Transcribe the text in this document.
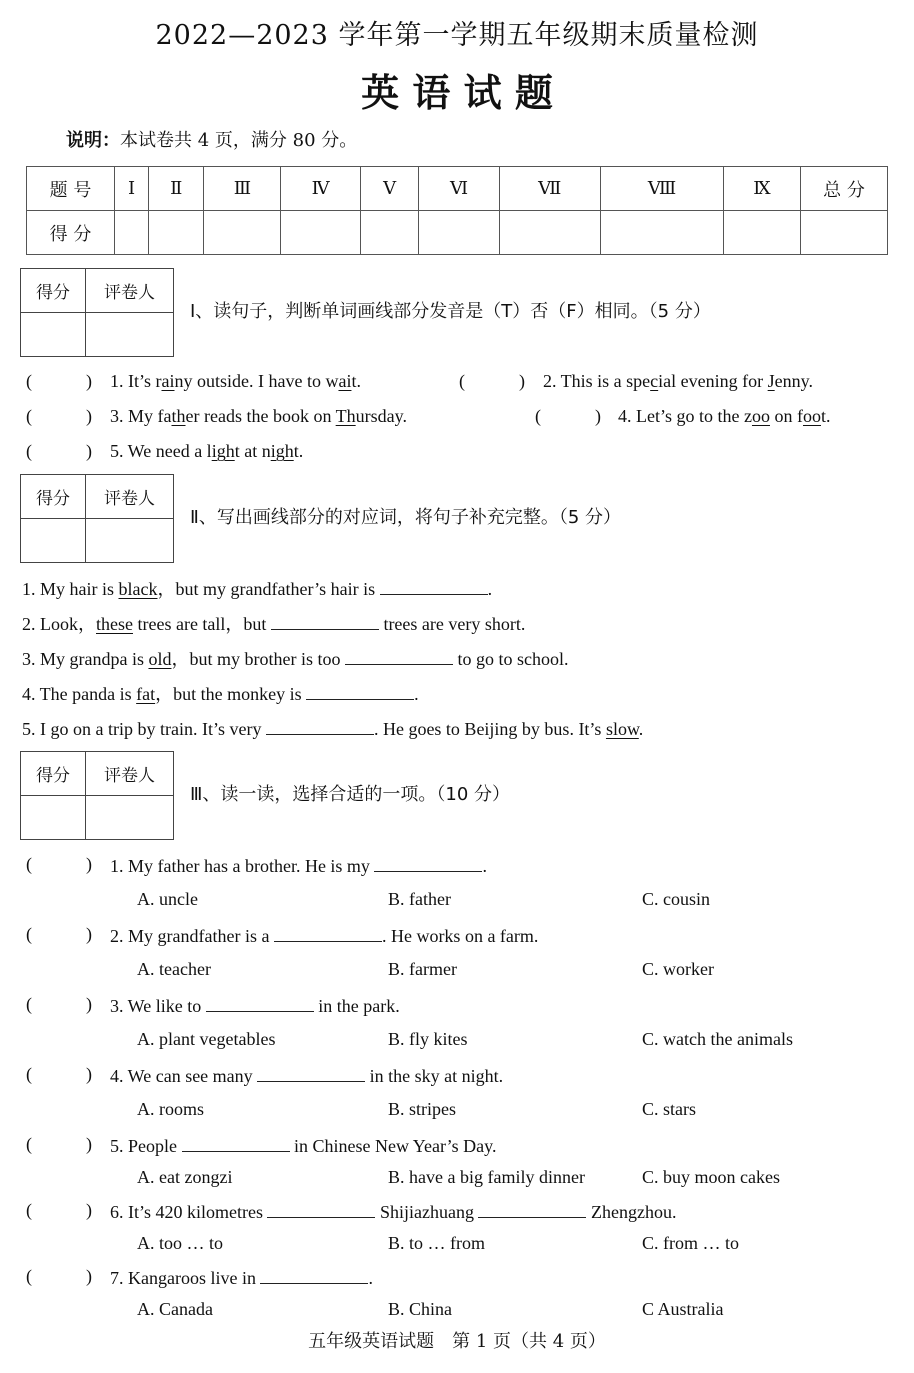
2022—2023 学年第一学期五年级期末质量检测
英 语 试 题
说明：本试卷共 4 页，满分 80 分。
题 号	Ⅰ	Ⅱ	Ⅲ	Ⅳ	Ⅴ	Ⅵ	Ⅶ	Ⅷ	Ⅸ	总 分
得 分										
得分	评卷人

Ⅰ、读句子，判断单词画线部分发音是（T）否（F）相同。（5 分）
(　　　) 1. It’s rainy outside. I have to wait.	(　　　) 2. This is a special evening for Jenny.
(　　　) 3. My father reads the book on Thursday.	(　　　) 4. Let’s go to the zoo on foot.
(　　　) 5. We need a light at night.
得分	评卷人

Ⅱ、写出画线部分的对应词，将句子补充完整。（5 分）
1. My hair is black，but my grandfather’s hair is	.
2. Look，these trees are tall，but	trees are very short.
3. My grandpa is old，but my brother is too	to go to school.
4. The panda is fat，but the monkey is	.
5. I go on a trip by train. It’s very	. He goes to Beijing by bus. It’s slow.
得分	评卷人

Ⅲ、读一读，选择合适的一项。（10 分）
(　　　) 1. My father has a brother. He is my	.
A. uncle	B. father	C. cousin
(　　　) 2. My grandfather is a	. He works on a farm.
A. teacher	B. farmer	C. worker
(　　　) 3. We like to	in the park.
A. plant vegetables	B. fly kites	C. watch the animals
(　　　) 4. We can see many	in the sky at night.
A. rooms	B. stripes	C. stars
(　　　) 5. People	in Chinese New Year’s Day.
A. eat zongzi	B. have a big family dinner	C. buy moon cakes
(　　　) 6. It’s 420 kilometres	Shijiazhuang	Zhengzhou.
A. too … to	B. to … from	C. from … to
(　　　) 7. Kangaroos live in	.
A. Canada	B. China	C Australia
五年级英语试题　第 1 页（共 4 页）
